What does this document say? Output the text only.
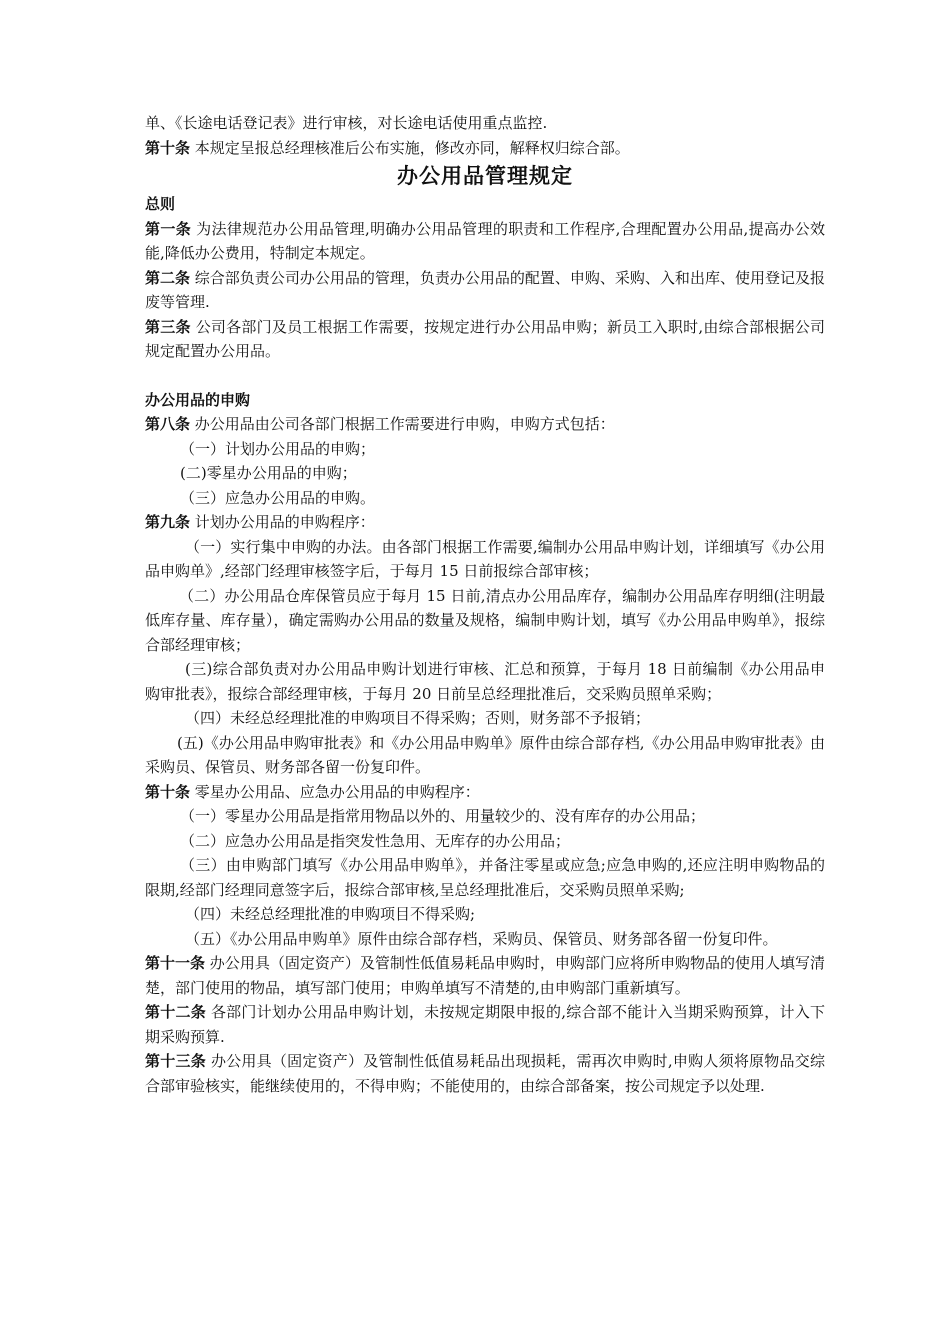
单、《长途电话登记表》进行审核，对长途电话使用重点监控.

第十条 本规定呈报总经理核准后公布实施，修改亦同，解释权归综合部。

办公用品管理规定

总则

第一条 为法律规范办公用品管理,明确办公用品管理的职责和工作程序,合理配置办公用品,提高办公效能,降低办公费用，特制定本规定。

第二条 综合部负责公司办公用品的管理，负责办公用品的配置、申购、采购、入和出库、使用登记及报废等管理.

第三条 公司各部门及员工根据工作需要，按规定进行办公用品申购；新员工入职时,由综合部根据公司规定配置办公用品。

办公用品的申购

第八条 办公用品由公司各部门根据工作需要进行申购，申购方式包括：

（一）计划办公用品的申购；

(二)零星办公用品的申购；

（三）应急办公用品的申购。

第九条 计划办公用品的申购程序：

（一）实行集中申购的办法。由各部门根据工作需要,编制办公用品申购计划，详细填写《办公用品申购单》,经部门经理审核签字后，于每月 15 日前报综合部审核；

（二）办公用品仓库保管员应于每月 15 日前,清点办公用品库存，编制办公用品库存明细(注明最低库存量、库存量），确定需购办公用品的数量及规格，编制申购计划，填写《办公用品申购单》，报综合部经理审核；

(三)综合部负责对办公用品申购计划进行审核、汇总和预算，于每月 18 日前编制《办公用品申购审批表》，报综合部经理审核，于每月 20 日前呈总经理批准后，交采购员照单采购；

（四）未经总经理批准的申购项目不得采购；否则，财务部不予报销；

(五)《办公用品申购审批表》和《办公用品申购单》原件由综合部存档,《办公用品申购审批表》由采购员、保管员、财务部各留一份复印件。

第十条 零星办公用品、应急办公用品的申购程序：

（一）零星办公用品是指常用物品以外的、用量较少的、没有库存的办公用品；

（二）应急办公用品是指突发性急用、无库存的办公用品；

（三）由申购部门填写《办公用品申购单》，并备注零星或应急;应急申购的,还应注明申购物品的限期,经部门经理同意签字后，报综合部审核,呈总经理批准后，交采购员照单采购;

（四）未经总经理批准的申购项目不得采购;

（五）《办公用品申购单》原件由综合部存档，采购员、保管员、财务部各留一份复印件。

第十一条 办公用具（固定资产）及管制性低值易耗品申购时，申购部门应将所申购物品的使用人填写清楚，部门使用的物品，填写部门使用；申购单填写不清楚的,由申购部门重新填写。

第十二条 各部门计划办公用品申购计划，未按规定期限申报的,综合部不能计入当期采购预算，计入下期采购预算.

第十三条 办公用具（固定资产）及管制性低值易耗品出现损耗，需再次申购时,申购人须将原物品交综合部审验核实，能继续使用的，不得申购；不能使用的，由综合部备案，按公司规定予以处理.
